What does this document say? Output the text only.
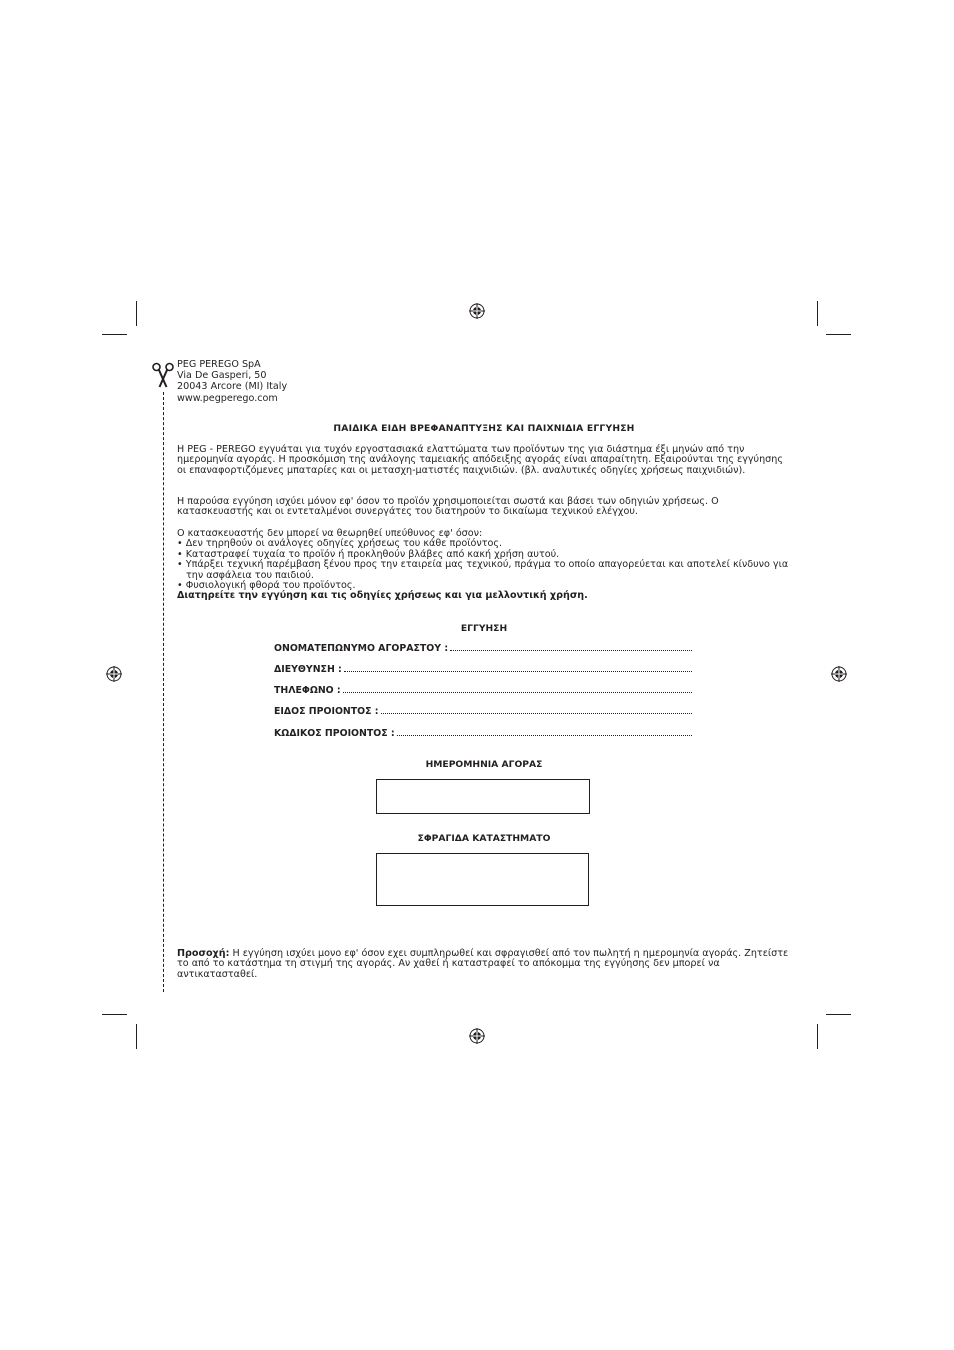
PEG PEREGO SpA
Via De Gasperi, 50
20043 Arcore (MI) Italy
www.pegperego.com
ΠΑΙΔΙΚΑ ΕΙΔΗ ΒΡΕΦΑΝΑΠΤΥΞΗΣ ΚΑΙ ΠΑΙΧΝΙΔΙΑ ΕΓΓΥΗΣΗ
Η PEG - PEREGO εγγυάται για τυχόν εργοστασιακά ελαττώματα των προϊόντων της για διάστημα έξι μηνών από την ημερομηνία αγοράς. Η προσκόμιση της ανάλογης ταμειακής απόδειξης αγοράς είναι απαραίτητη. Εξαιρούνται της εγγύησης οι επαναφορτιζόμενες μπαταρίες και οι μετασχη-ματιστές παιχνιδιών. (βλ. αναλυτικές οδηγίες χρήσεως παιχνιδιών).
Η παρούσα εγγύηση ισχύει μόνον εφ' όσον το προϊόν χρησιμοποιείται σωστά και βάσει των οδηγιών χρήσεως. Ο κατασκευαστής και οι εντεταλμένοι συνεργάτες του διατηρούν το δικαίωμα τεχνικού ελέγχου.
Ο κατασκευαστής δεν μπορεί να θεωρηθεί υπεύθυνος εφ' όσον:
• Δεν τηρηθούν οι ανάλογες οδηγίες χρήσεως του κάθε προϊόντος.
• Καταστραφεί τυχαία το προϊόν ή προκληθούν βλάβες από κακή χρήση αυτού.
• Υπάρξει τεχνική παρέμβαση ξένου προς την εταιρεία μας τεχνικού, πράγμα το οποίο απαγορεύεται και αποτελεί κίνδυνο για την ασφάλεια του παιδιού.
• Φυσιολογική φθορά του προϊόντος.
Διατηρείτε την εγγύηση και τις οδηγίες χρήσεως και για μελλοντική χρήση.
ΕΓΓΥΗΣΗ
ΟΝΟΜΑΤΕΠΩΝΥΜΟ ΑΓΟΡΑΣΤΟΥ :
ΔΙΕΥΘΥΝΣΗ :
ΤΗΛΕΦΩΝΟ :
ΕΙΔΟΣ ΠΡΟΙΟΝΤΟΣ :
ΚΩΔΙΚΟΣ ΠΡΟΙΟΝΤΟΣ :
ΗΜΕΡΟΜΗΝΙΑ ΑΓΟΡΑΣ
ΣΦΡΑΓΙΔΑ ΚΑΤΑΣΤΗΜΑΤΟ
Προσοχή: Η εγγύηση ισχύει μονο εφ' όσον εχει συμπληρωθεί και σφραγισθεί από τον πωλητή η ημερομηνία αγοράς. Ζητείστε το από το κατάστημα τη στιγμή της αγοράς. Αν χαθεί ή καταστραφεί το απόκομμα της εγγύησης δεν μπορεί να αντικατασταθεί.
